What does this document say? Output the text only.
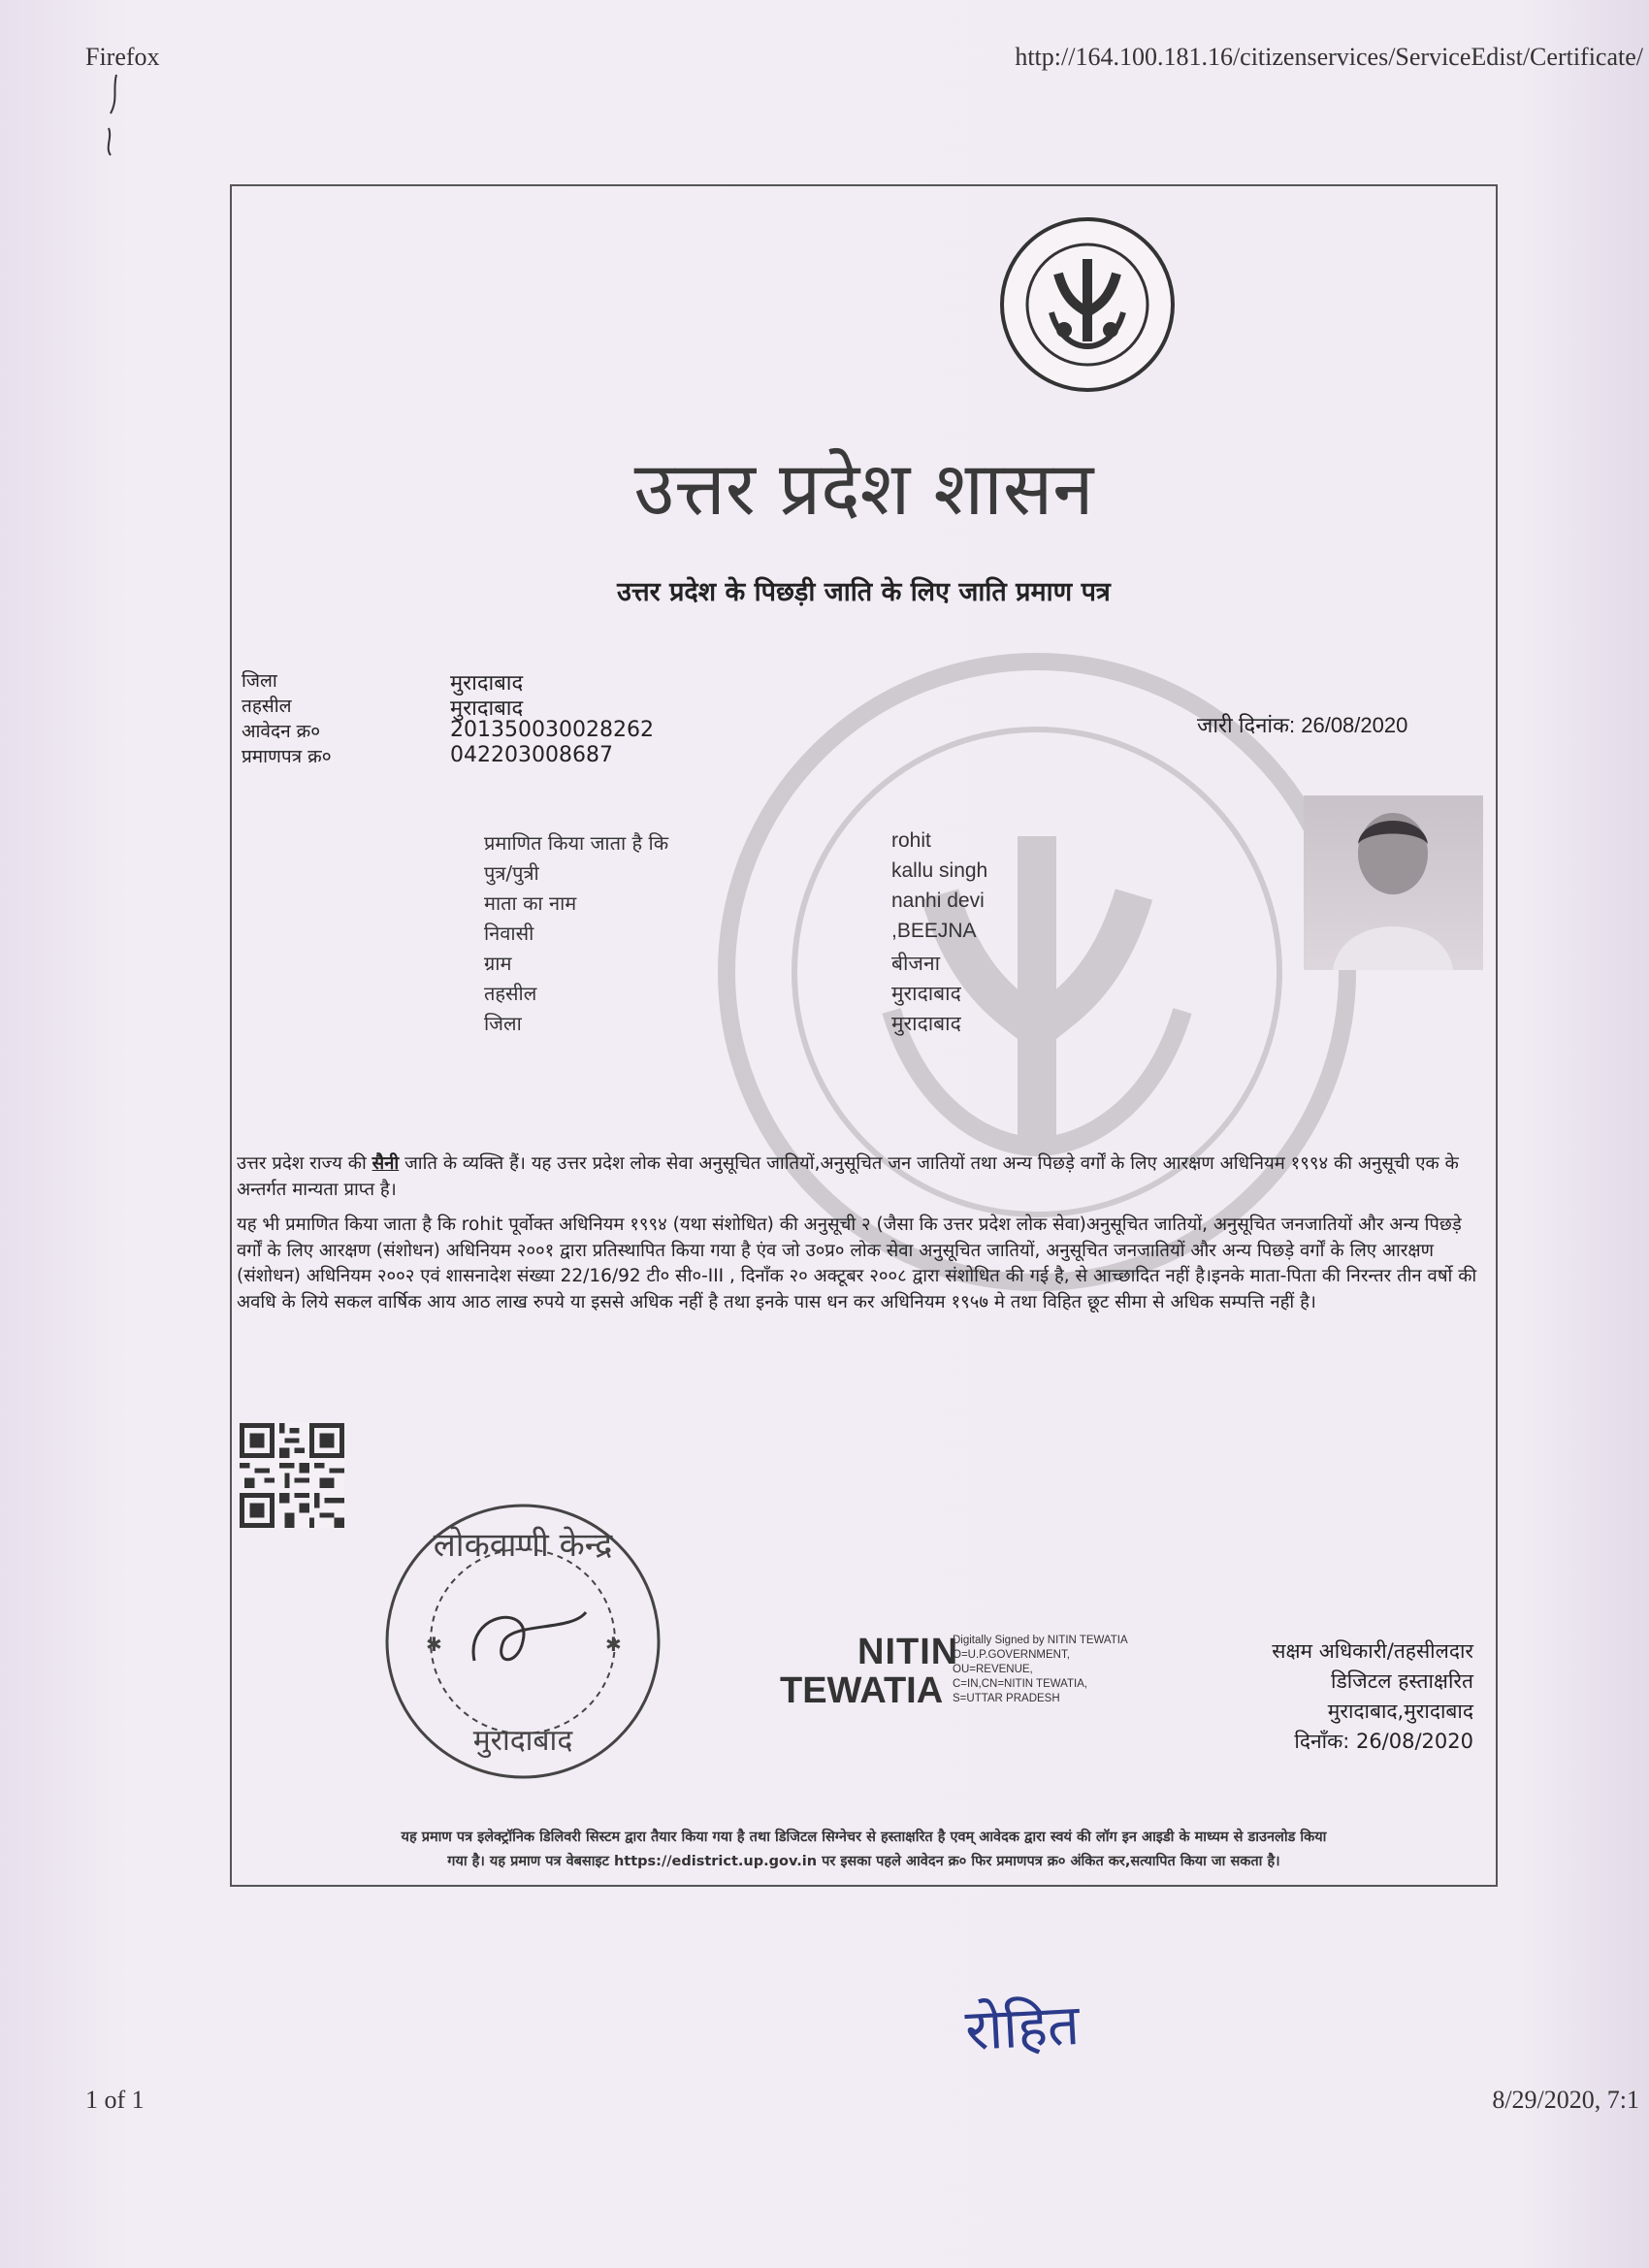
Firefox	http://164.100.181.16/citizenservices/ServiceEdist/Certificate/
उत्तर प्रदेश शासन
उत्तर प्रदेश के पिछड़ी जाति के लिए जाति प्रमाण पत्र
जिला	मुरादाबाद
तहसील	मुरादाबाद
आवेदन क्र०	201350030028262
प्रमाणपत्र क्र०	042203008687
जारी दिनांक: 26/08/2020
प्रमाणित किया जाता है कि	rohit
पुत्र/पुत्री	kallu singh
माता का नाम	nanhi devi
निवासी	,BEEJNA
ग्राम	बीजना
तहसील	मुरादाबाद
जिला	मुरादाबाद
उत्तर प्रदेश राज्य की सैनी जाति के व्यक्ति हैं। यह उत्तर प्रदेश लोक सेवा अनुसूचित जातियों,अनुसूचित जन जातियों तथा अन्य पिछड़े वर्गों के लिए आरक्षण अधिनियम १९९४ की अनुसूची एक के अन्तर्गत मान्यता प्राप्त है।
यह भी प्रमाणित किया जाता है कि rohit पूर्वोक्त अधिनियम १९९४ (यथा संशोधित) की अनुसूची २ (जैसा कि उत्तर प्रदेश लोक सेवा)अनुसूचित जातियों, अनुसूचित जनजातियों और अन्य पिछड़े वर्गों के लिए आरक्षण (संशोधन) अधिनियम २००१ द्वारा प्रतिस्थापित किया गया है एंव जो उ०प्र० लोक सेवा अनुसूचित जातियों, अनुसूचित जनजातियों और अन्य पिछड़े वर्गों के लिए आरक्षण (संशोधन) अधिनियम २००२ एवं शासनादेश संख्या 22/16/92 टी० सी०-III , दिनाँक २० अक्टूबर २००८ द्वारा संशोधित की गई है, से आच्छादित नहीं है।इनके माता-पिता की निरन्तर तीन वर्षो की अवधि के लिये सकल वार्षिक आय आठ लाख रुपये या इससे अधिक नहीं है तथा इनके पास धन कर अधिनियम १९५७ मे तथा विहित छूट सीमा से अधिक सम्पत्ति नहीं है।
लोकवाणी केन्द्र
मुरादाबाद
✱	✱	NITIN
TEWATIA
Digitally Signed by NITIN TEWATIA
O=U.P.GOVERNMENT,
OU=REVENUE,
C=IN,CN=NITIN TEWATIA,
S=UTTAR PRADESH
सक्षम अधिकारी/तहसीलदार
डिजिटल हस्ताक्षरित
मुरादाबाद,मुरादाबाद
दिनाँक: 26/08/2020
यह प्रमाण पत्र इलेक्ट्रॉनिक डिलिवरी सिस्टम द्वारा तैयार किया गया है तथा डिजिटल सिग्नेचर से हस्ताक्षरित है एवम् आवेदक द्वारा स्वयं की लॉग इन आइडी के माध्यम से डाउनलोड किया
गया है। यह प्रमाण पत्र वेबसाइट https://edistrict.up.gov.in पर इसका पहले आवेदन क्र० फिर प्रमाणपत्र क्र० अंकित कर,सत्यापित किया जा सकता है।
रोहित
1 of 1	8/29/2020, 7:1
